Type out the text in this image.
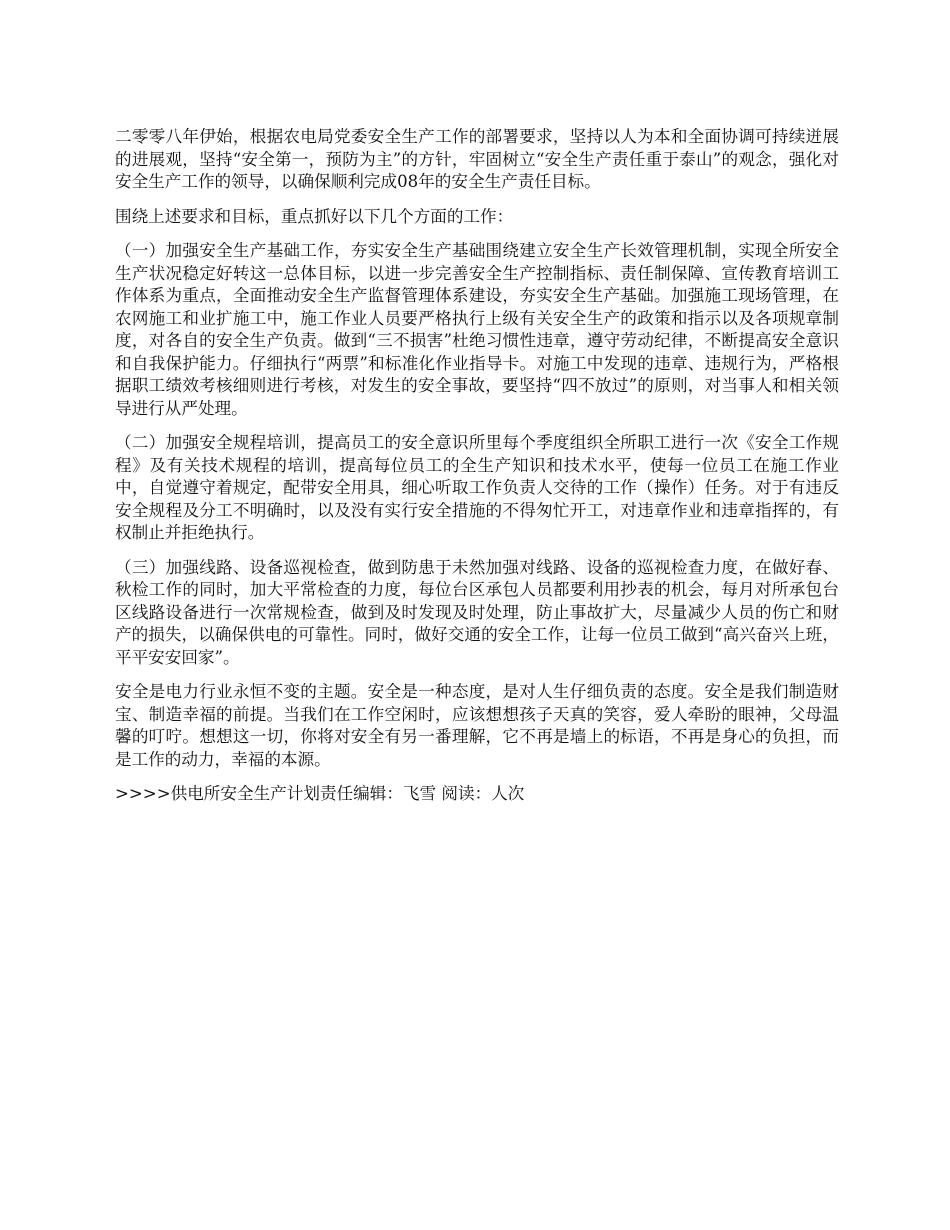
二零零八年伊始，根据农电局党委安全生产工作的部署要求，坚持以人为本和全面协调可持续迸展的进展观，坚持“安全第一，预防为主”的方针，牢固树立“安全生产责任重于泰山”的观念，强化对安全生产工作的领导，以确保顺利完成08年的安全生产责任目标。

围绕上述要求和目标，重点抓好以下几个方面的工作：

（一）加强安全生产基础工作，夯实安全生产基础围绕建立安全生产长效管理机制，实现全所安全生产状况稳定好转这一总体目标，以进一步完善安全生产控制指标、责任制保障、宣传教育培训工作体系为重点，全面推动安全生产监督管理体系建设，夯实安全生产基础。加强施工现场管理，在农网施工和业扩施工中，施工作业人员要严格执行上级有关安全生产的政策和指示以及各项规章制度，对各自的安全生产负责。做到“三不损害”杜绝习惯性违章，遵守劳动纪律，不断提高安全意识和自我保护能力。仔细执行“两票”和标准化作业指导卡。对施工中发现的违章、违规行为，严格根据职工绩效考核细则进行考核，对发生的安全事故，要坚持“四不放过”的原则，对当事人和相关领导进行从严处理。

（二）加强安全规程培训，提高员工的安全意识所里每个季度组织全所职工进行一次《安全工作规程》及有关技术规程的培训，提高每位员工的全生产知识和技术水平，使每一位员工在施工作业中，自觉遵守着规定，配带安全用具，细心听取工作负责人交待的工作（操作）任务。对于有违反安全规程及分工不明确时，以及没有实行安全措施的不得匆忙开工，对违章作业和违章指挥的，有权制止并拒绝执行。

（三）加强线路、设备巡视检查，做到防患于未然加强对线路、设备的巡视检查力度，在做好春、秋检工作的同时，加大平常检查的力度，每位台区承包人员都要利用抄表的机会，每月对所承包台区线路设备进行一次常规检查，做到及时发现及时处理，防止事故扩大，尽量减少人员的伤亡和财产的损失，以确保供电的可靠性。同时，做好交通的安全工作，让每一位员工做到“高兴奋兴上班，平平安安回家”。

安全是电力行业永恒不变的主题。安全是一种态度，是对人生仔细负责的态度。安全是我们制造财宝、制造幸福的前提。当我们在工作空闲时，应该想想孩子天真的笑容，爱人牵盼的眼神，父母温馨的叮咛。想想这一切，你将对安全有另一番理解，它不再是墙上的标语，不再是身心的负担，而是工作的动力，幸福的本源。

>>>>供电所安全生产计划责任编辑：飞雪 阅读：人次
